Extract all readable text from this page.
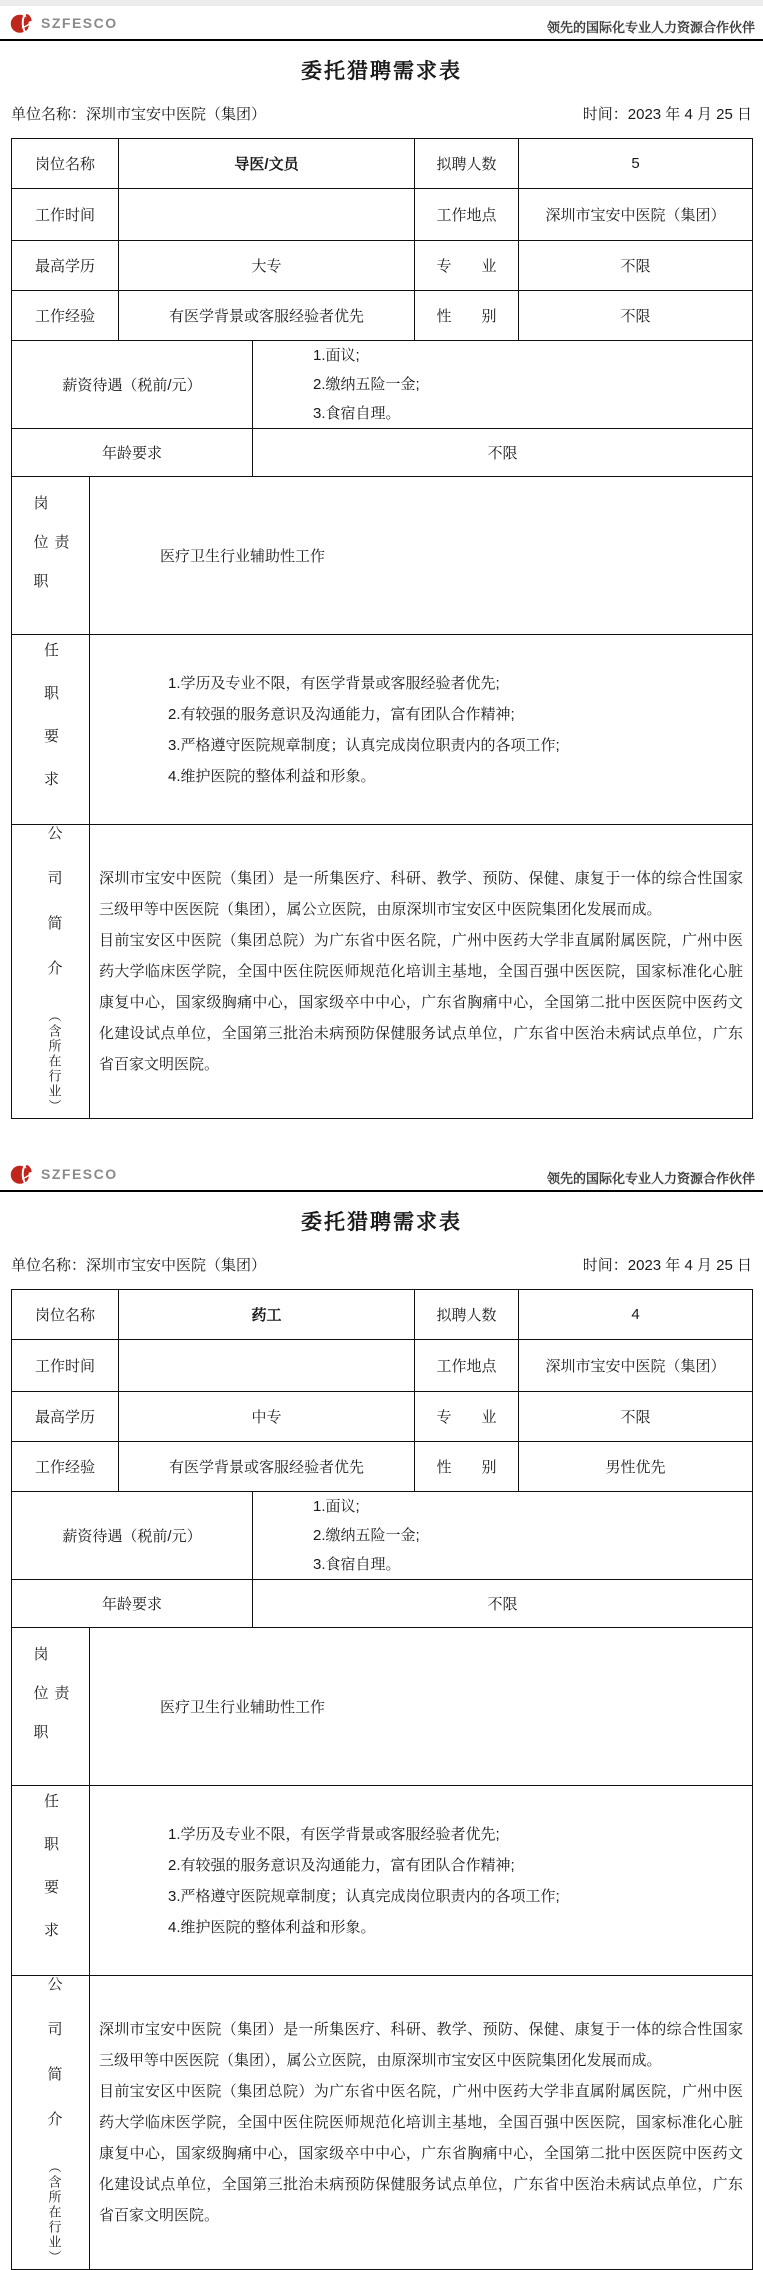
SZFESCO	领先的国际化专业人力资源合作伙伴
委托猎聘需求表
单位名称：深圳市宝安中医院（集团）	时间：2023 年 4 月 25 日
岗位名称	导医/文员	拟聘人数	5
工作时间		工作地点	深圳市宝安中医院（集团）
最高学历	大专	专　　业	不限
工作经验	有医学背景或客服经验者优先	性　　别	不限
薪资待遇（税前/元）	1.面议;
2.缴纳五险一金;
3.食宿自理。

年龄要求	不限
岗位职责	医疗卫生行业辅助性工作

任职要求	1.学历及专业不限，有医学背景或客服经验者优先;
2.有较强的服务意识及沟通能力，富有团队合作精神;
3.严格遵守医院规章制度；认真完成岗位职责内的各项工作;
4.维护医院的整体利益和形象。

公司简介
（含所在行业）

深圳市宝安中医院（集团）是一所集医疗、科研、教学、预防、保健、康复于一体的综合性国家三级甲等中医医院（集团），属公立医院，由原深圳市宝安区中医院集团化发展而成。

目前宝安区中医院（集团总院）为广东省中医名院，广州中医药大学非直属附属医院，广州中医药大学临床医学院，全国中医住院医师规范化培训主基地，全国百强中医医院，国家标准化心脏康复中心，国家级胸痛中心，国家级卒中中心，广东省胸痛中心，全国第二批中医医院中医药文化建设试点单位，全国第三批治未病预防保健服务试点单位，广东省中医治未病试点单位，广东省百家文明医院。

SZFESCO	领先的国际化专业人力资源合作伙伴
委托猎聘需求表
单位名称：深圳市宝安中医院（集团）	时间：2023 年 4 月 25 日
岗位名称	药工	拟聘人数	4
工作时间		工作地点	深圳市宝安中医院（集团）
最高学历	中专	专　　业	不限
工作经验	有医学背景或客服经验者优先	性　　别	男性优先
薪资待遇（税前/元）	1.面议;
2.缴纳五险一金;
3.食宿自理。

年龄要求	不限
岗位职责	医疗卫生行业辅助性工作

任职要求	1.学历及专业不限，有医学背景或客服经验者优先;
2.有较强的服务意识及沟通能力，富有团队合作精神;
3.严格遵守医院规章制度；认真完成岗位职责内的各项工作;
4.维护医院的整体利益和形象。

公司简介
（含所在行业）

深圳市宝安中医院（集团）是一所集医疗、科研、教学、预防、保健、康复于一体的综合性国家三级甲等中医医院（集团），属公立医院，由原深圳市宝安区中医院集团化发展而成。

目前宝安区中医院（集团总院）为广东省中医名院，广州中医药大学非直属附属医院，广州中医药大学临床医学院，全国中医住院医师规范化培训主基地，全国百强中医医院，国家标准化心脏康复中心，国家级胸痛中心，国家级卒中中心，广东省胸痛中心，全国第二批中医医院中医药文化建设试点单位，全国第三批治未病预防保健服务试点单位，广东省中医治未病试点单位，广东省百家文明医院。
